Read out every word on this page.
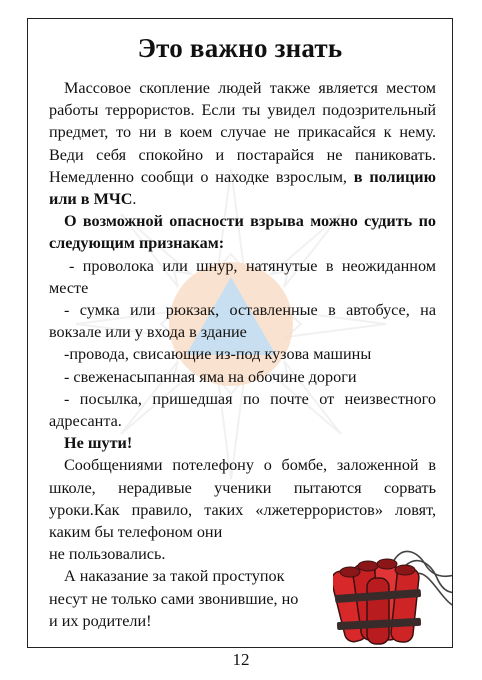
Это важно знать

Массовое скопление людей также является местом работы террористов. Если ты увидел подозрительный предмет, то ни в коем случае не прикасайся к нему. Веди себя спокойно и постарайся не паниковать. Немедленно сообщи о находке взрослым, в полицию или в МЧС.

О возможной опасности взрыва можно судить по следующим признакам:

- проволока или шнур, натянутые в неожиданном месте

- сумка или рюкзак, оставленные в автобусе, на вокзале или у входа в здание

-провода, свисающие из-под кузова машины

- свеженасыпанная яма на обочине дороги

- посылка, пришедшая по почте от неизвестного адресанта.

Не шути!

Сообщениями потелефону о бомбе, заложенной в школе, нерадивые ученики пытаются сорвать уроки.Как правило, таких «лжетеррористов» ловят, каким бы телефоном они

не пользовались.

А наказание за такой проступок несут не только сами звонившие, но и их родители!

12
